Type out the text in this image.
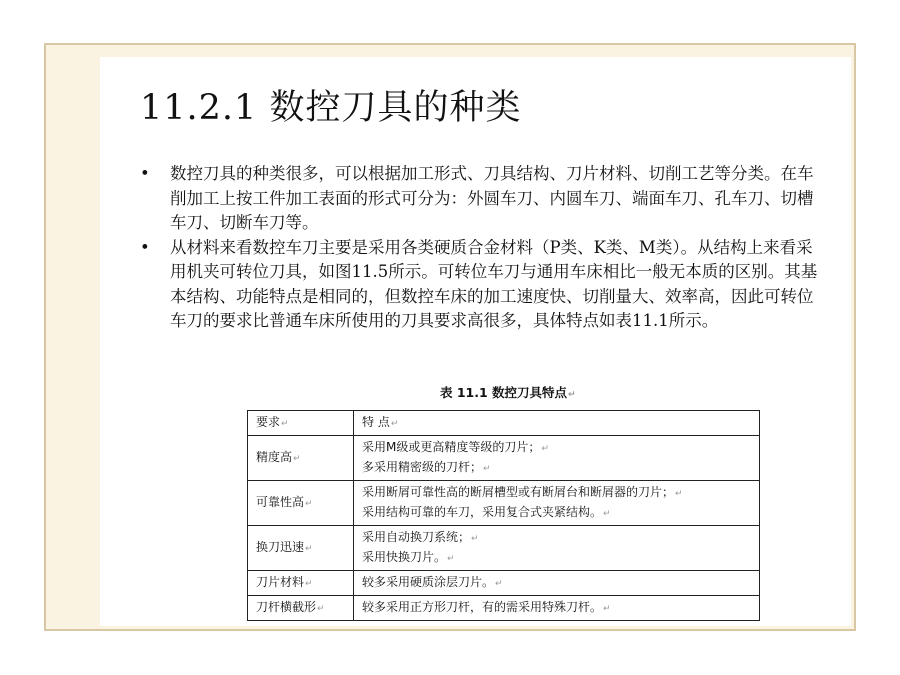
11.2.1 数控刀具的种类
• 数控刀具的种类很多，可以根据加工形式、刀具结构、刀片材料、切削工艺等分类。在车削加工上按工件加工表面的形式可分为：外圆车刀、内圆车刀、端面车刀、孔车刀、切槽车刀、切断车刀等。
• 从材料来看数控车刀主要是采用各类硬质合金材料（P类、K类、M类）。从结构上来看采用机夹可转位刀具，如图11.5所示。可转位车刀与通用车床相比一般无本质的区别。其基本结构、功能特点是相同的，但数控车床的加工速度快、切削量大、效率高，因此可转位车刀的要求比普通车床所使用的刀具要求高很多，具体特点如表11.1所示。
表 11.1 数控刀具特点↵
要求↵	特 点↵
精度高↵	采用M级或更高精度等级的刀片；↵
多采用精密级的刀杆；↵

可靠性高↵	采用断屑可靠性高的断屑槽型或有断屑台和断屑器的刀片；↵
采用结构可靠的车刀，采用复合式夹紧结构。↵

换刀迅速↵	采用自动换刀系统；↵
采用快换刀片。↵

刀片材料↵	较多采用硬质涂层刀片。↵

刀杆横截形↵	较多采用正方形刀杆，有的需采用特殊刀杆。↵
